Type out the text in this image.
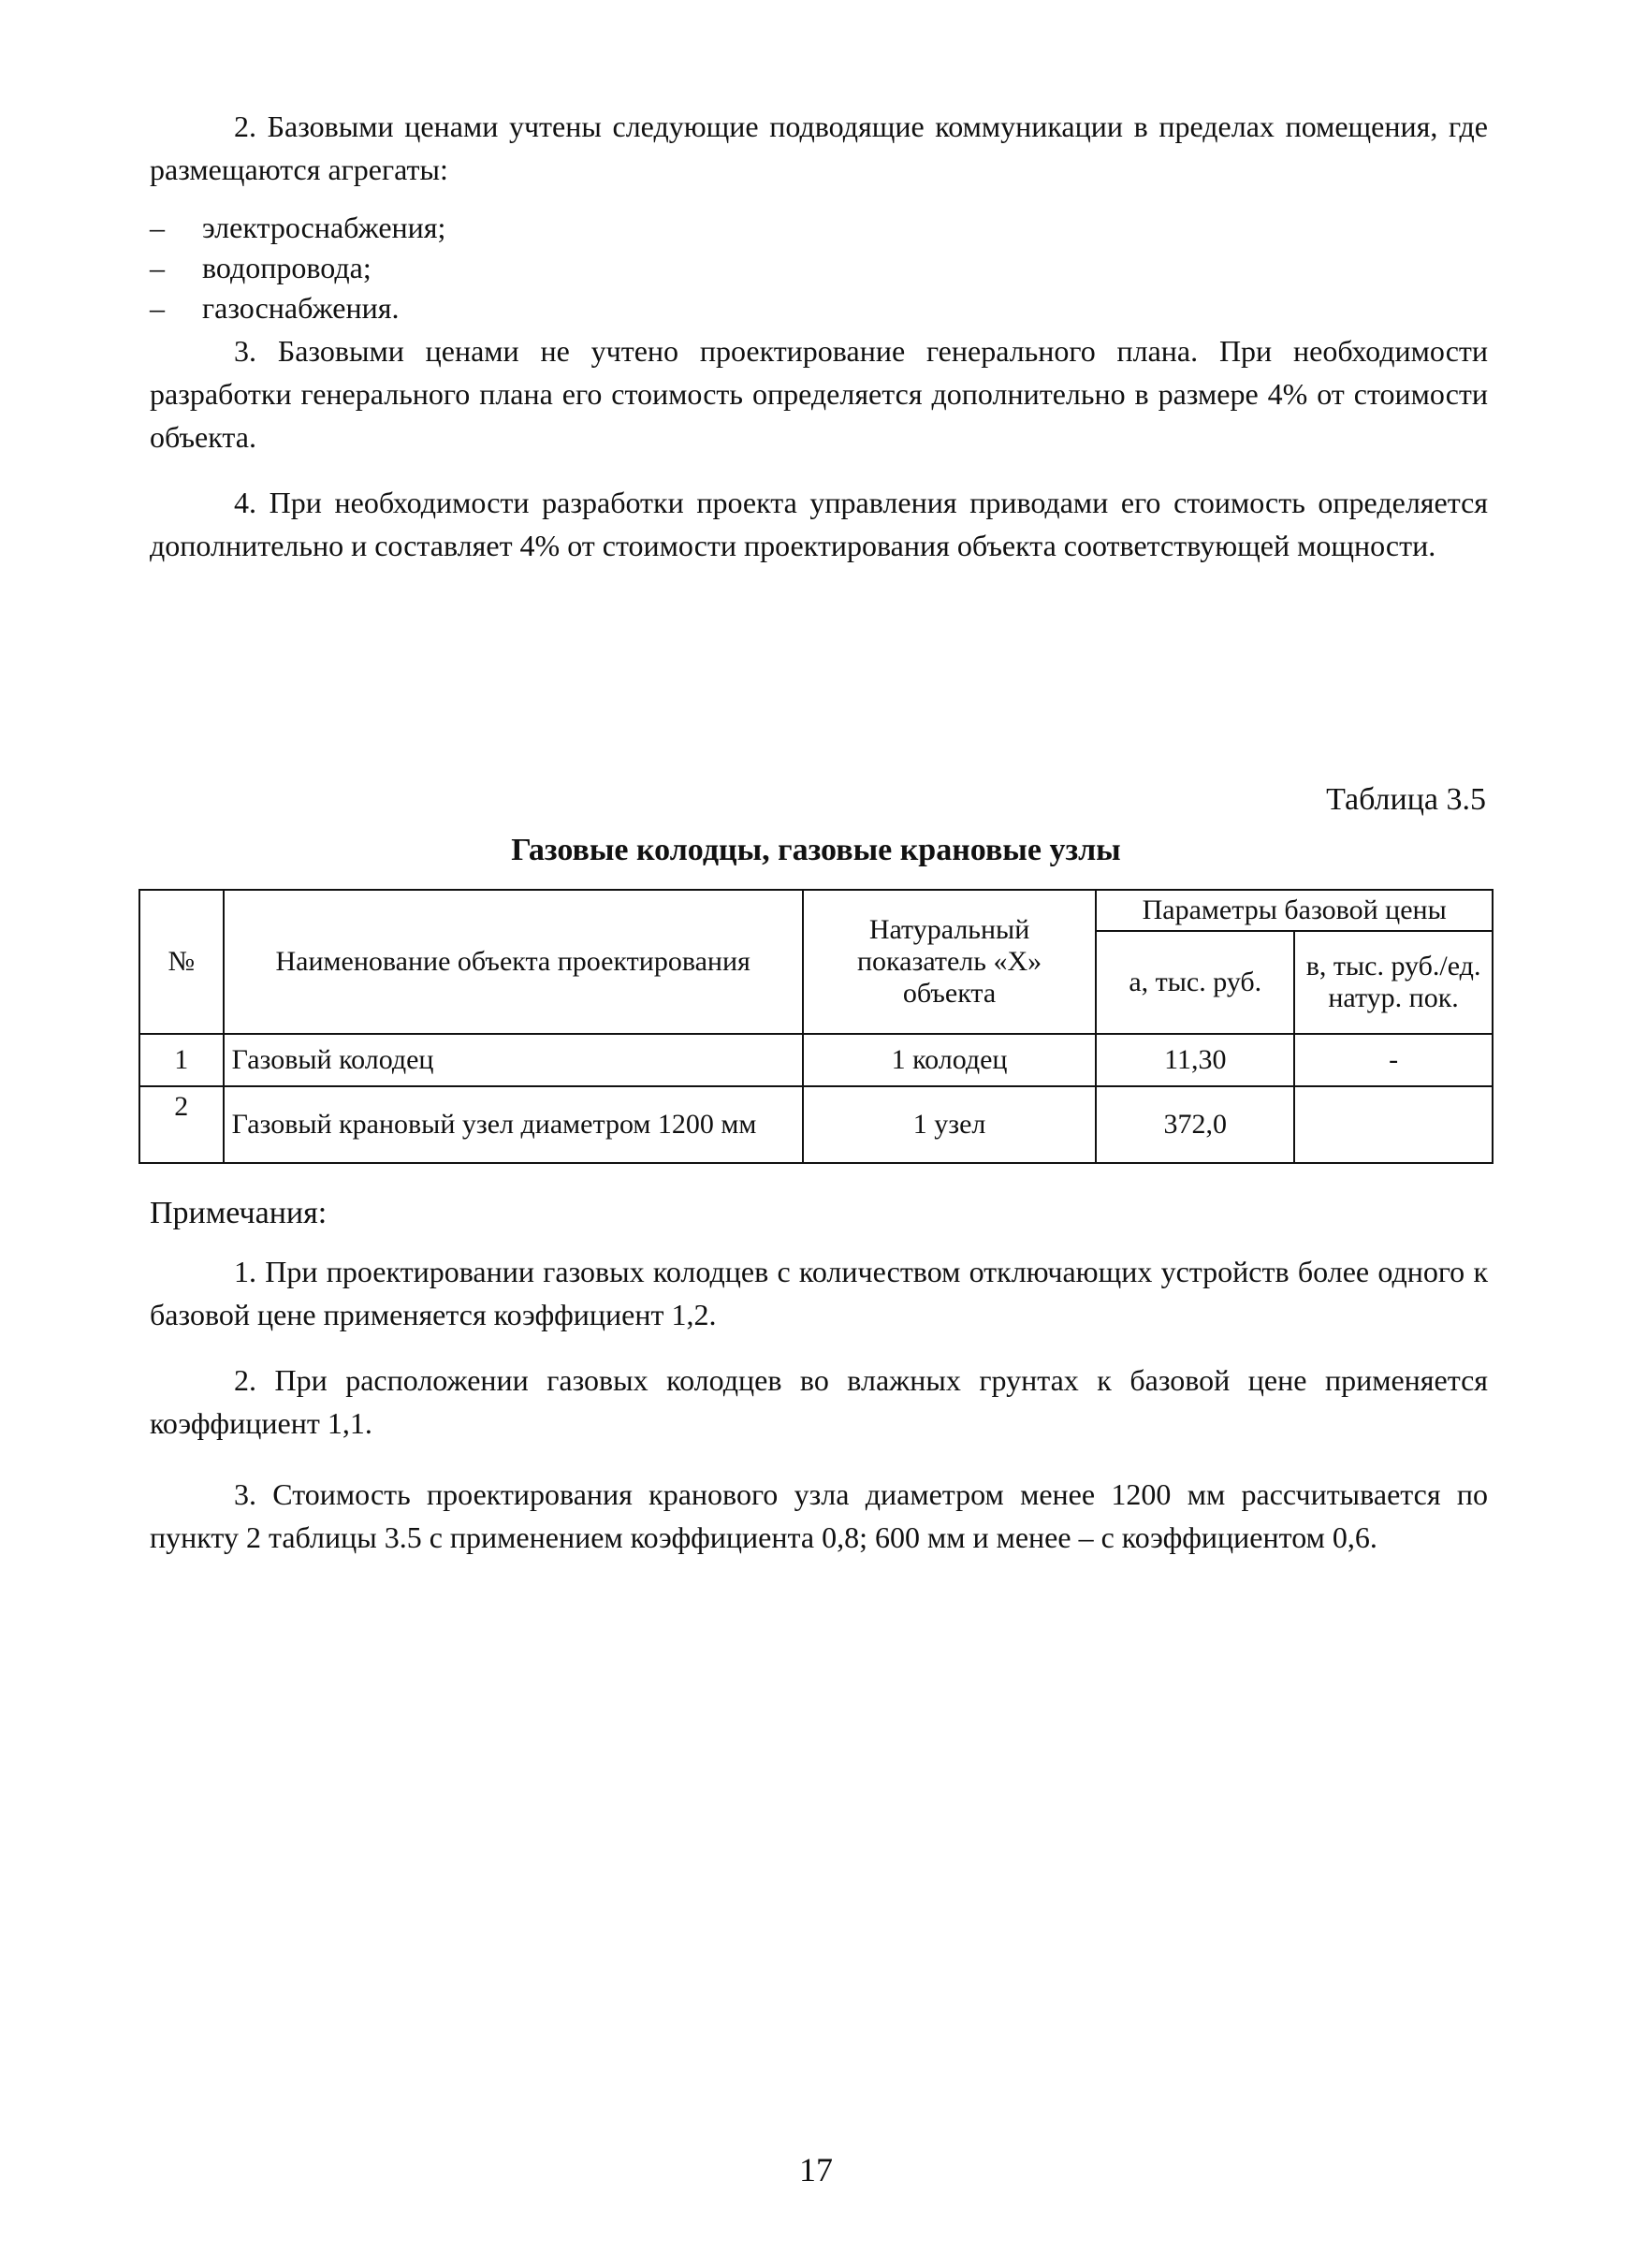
2. Базовыми ценами учтены следующие подводящие коммуникации в пределах помещения, где размещаются агрегаты:
–	электроснабжения;
–	водопровода;
–	газоснабжения.
3. Базовыми ценами не учтено проектирование генерального плана. При необходимости разработки генерального плана его стоимость определяется дополнительно в размере 4% от стоимости объекта.
4. При необходимости разработки проекта управления приводами его стоимость определяется дополнительно и составляет 4% от стоимости проектирования объекта соответствующей мощности.
Таблица 3.5
Газовые колодцы, газовые крановые узлы
№	Наименование объекта проектирования	Натуральный показатель «Х» объекта	Параметры базовой цены	
			а, тыс. руб.	в, тыс. руб./ед. натур. пок.
1	Газовый колодец	1 колодец	11,30	-
2	Газовый крановый узел диаметром 1200 мм	1 узел	372,0	
Примечания:
1. При проектировании газовых колодцев с количеством отключающих устройств более одного к базовой цене применяется коэффициент 1,2.
2. При расположении газовых колодцев во влажных грунтах к базовой цене применяется коэффициент 1,1.
3. Стоимость проектирования кранового узла диаметром менее 1200 мм рассчитывается по пункту 2 таблицы 3.5 с применением коэффициента 0,8; 600 мм и менее – с коэффициентом 0,6.
17
